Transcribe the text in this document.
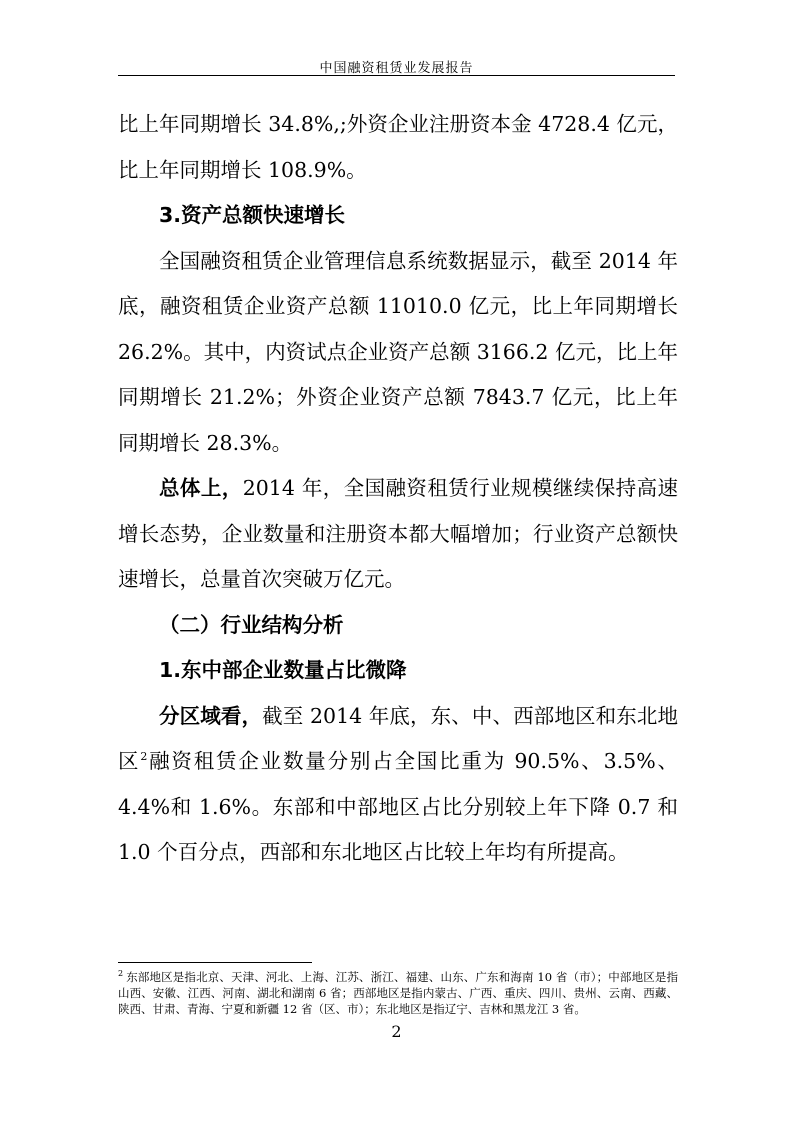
中国融资租赁业发展报告

比上年同期增长 34.8%,;外资企业注册资本金 4728.4 亿元，比上年同期增长 108.9%。

3.资产总额快速增长

全国融资租赁企业管理信息系统数据显示，截至 2014 年底，融资租赁企业资产总额 11010.0 亿元，比上年同期增长 26.2%。其中，内资试点企业资产总额 3166.2 亿元，比上年同期增长 21.2%；外资企业资产总额 7843.7 亿元，比上年同期增长 28.3%。

总体上，2014 年，全国融资租赁行业规模继续保持高速增长态势，企业数量和注册资本都大幅增加；行业资产总额快速增长，总量首次突破万亿元。

（二）行业结构分析

1.东中部企业数量占比微降

分区域看，截至 2014 年底，东、中、西部地区和东北地区$^2$融资租赁企业数量分别占全国比重为 90.5%、3.5%、4.4%和 1.6%。东部和中部地区占比分别较上年下降 0.7 和 1.0 个百分点，西部和东北地区占比较上年均有所提高。

$^2$ 东部地区是指北京、天津、河北、上海、江苏、浙江、福建、山东、广东和海南 10 省（市）；中部地区是指山西、安徽、江西、河南、湖北和湖南 6 省；西部地区是指内蒙古、广西、重庆、四川、贵州、云南、西藏、陕西、甘肃、青海、宁夏和新疆 12 省（区、市）；东北地区是指辽宁、吉林和黑龙江 3 省。
2
